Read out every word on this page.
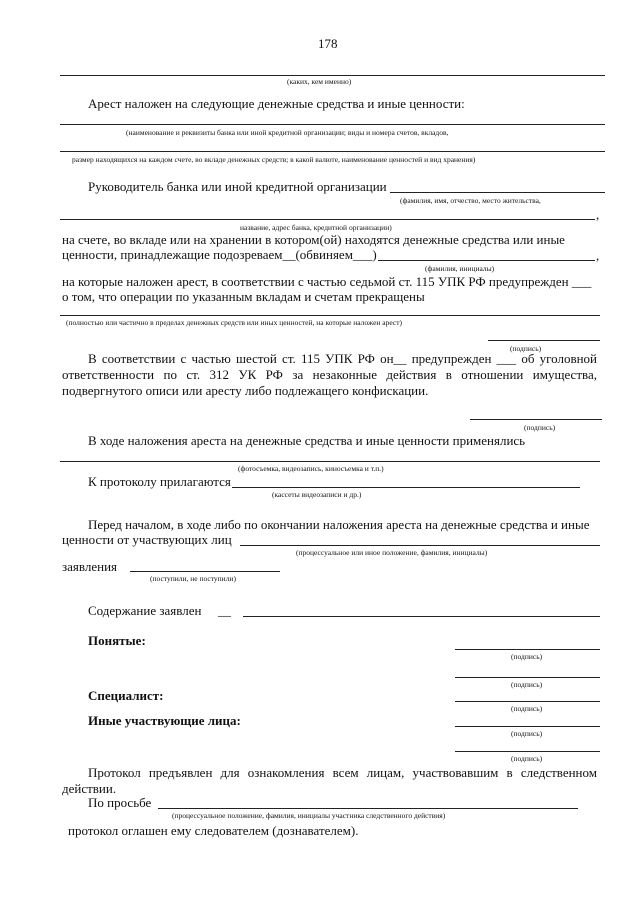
178
(каких, кем именно)
Арест наложен на следующие денежные средства и иные ценности:
(наименование и реквизиты банка или иной кредитной организации; виды и номера счетов, вкладов,
размер находящихся на каждом счете, во вкладе денежных средств; в какой валюте, наименование ценностей и вид хранения)
Руководитель банка или иной кредитной организации
(фамилия, имя, отчество, место жительства,
,
название, адрес банка, кредитной организации)
на счете, во вкладе или на хранении в котором(ой) находятся денежные средства или иные
ценности, принадлежащие подозреваем__(обвиняем___)	,
(фамилия, инициалы)
на которые наложен арест, в соответствии с частью седьмой ст. 115 УПК РФ предупрежден ___
о том, что операции по указанным вкладам и счетам прекращены
(полностью или частично в пределах денежных средств или иных ценностей, на которые наложен арест)
(подпись)
В соответствии с частью шестой ст. 115 УПК РФ он__ предупрежден ___ об уголовной ответственности по ст. 312 УК РФ за незаконные действия в отношении имущества, подвергнутого описи или аресту либо подлежащего конфискации.
(подпись)
В ходе наложения ареста на денежные средства и иные ценности применялись
(фотосъемка, видеозапись, киносъемка и т.п.)
К протоколу прилагаются
(кассеты видеозаписи и др.)
Перед началом, в ходе либо по окончании наложения ареста на денежные средства и иные
ценности от участвующих лиц
(процессуальное или иное положение, фамилия, инициалы)
заявления
(поступили, не поступили)
Содержание заявлен __
Понятые:
(подпись)
(подпись)
Специалист:
(подпись)
Иные участвующие лица:
(подпись)
(подпись)
Протокол предъявлен для ознакомления всем лицам, участвовавшим в следственном действии.
По просьбе
(процессуальное положение, фамилия, инициалы участника следственного действия)
протокол оглашен ему следователем (дознавателем).
